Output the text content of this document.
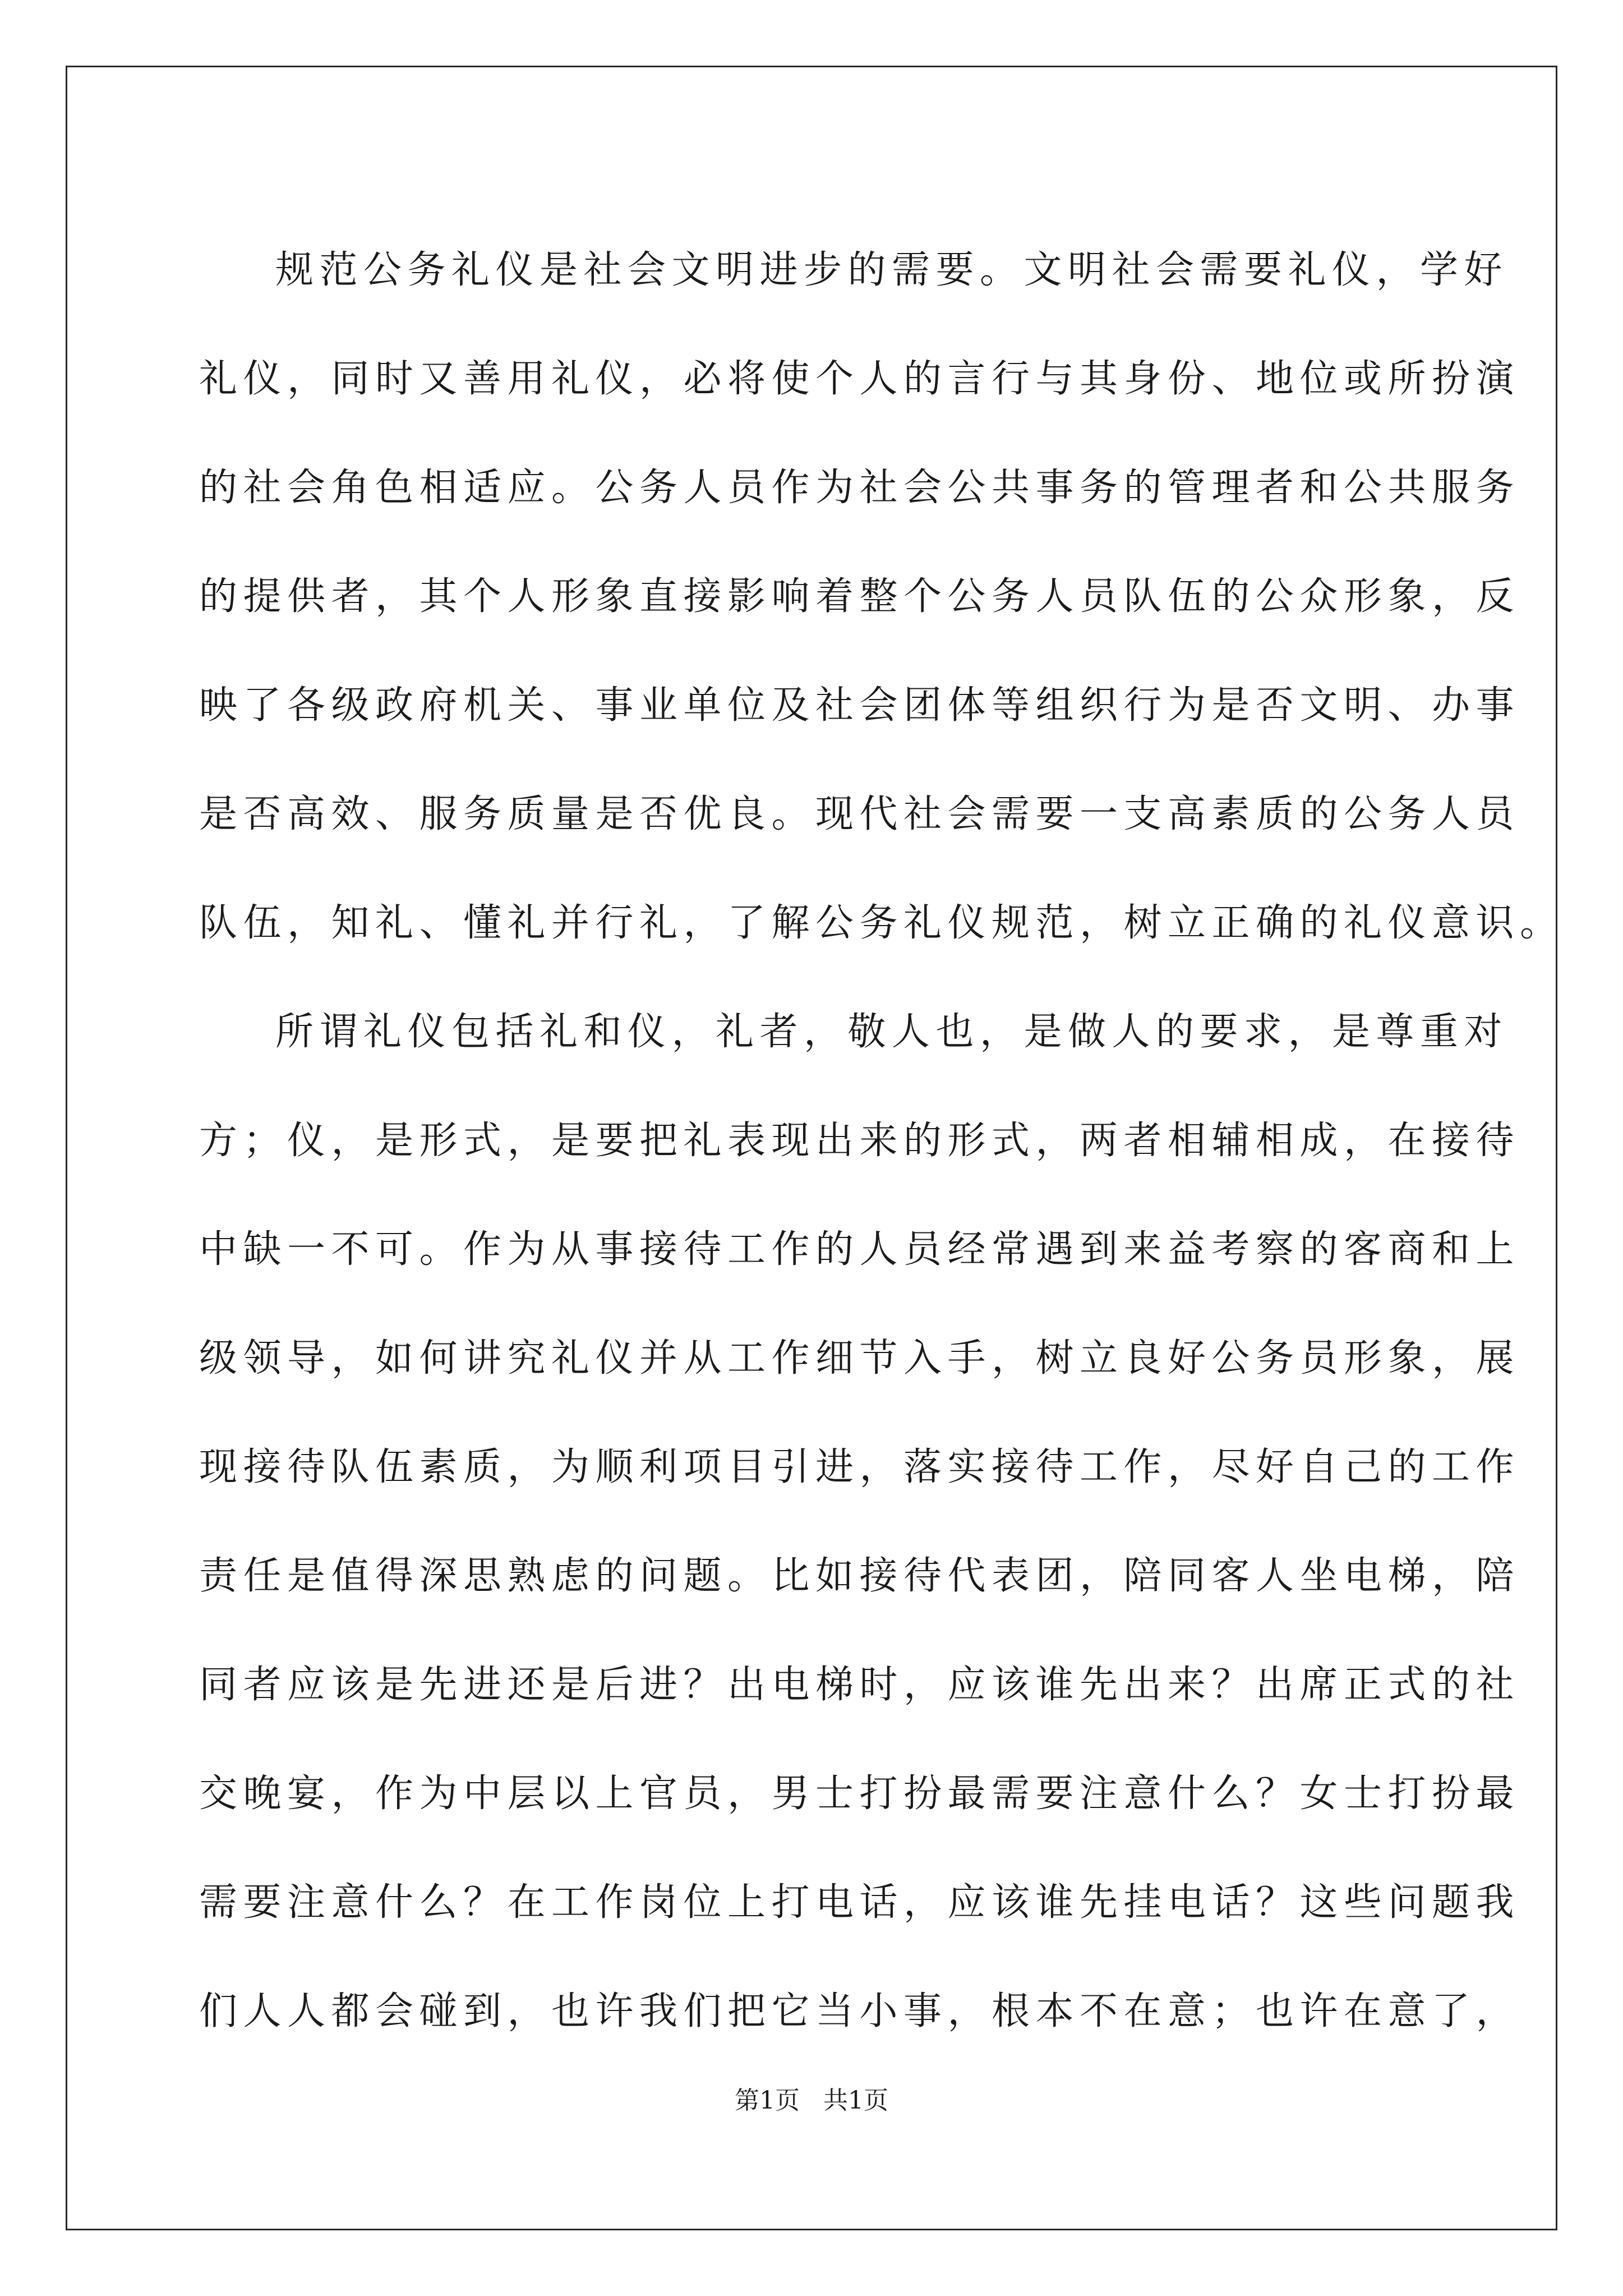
规范公务礼仪是社会文明进步的需要。文明社会需要礼仪，学好
礼仪，同时又善用礼仪，必将使个人的言行与其身份、地位或所扮演
的社会角色相适应。公务人员作为社会公共事务的管理者和公共服务
的提供者，其个人形象直接影响着整个公务人员队伍的公众形象，反
映了各级政府机关、事业单位及社会团体等组织行为是否文明、办事
是否高效、服务质量是否优良。现代社会需要一支高素质的公务人员
队伍，知礼、懂礼并行礼，了解公务礼仪规范，树立正确的礼仪意识。
所谓礼仪包括礼和仪，礼者，敬人也，是做人的要求，是尊重对
方；仪，是形式，是要把礼表现出来的形式，两者相辅相成，在接待
中缺一不可。作为从事接待工作的人员经常遇到来益考察的客商和上
级领导，如何讲究礼仪并从工作细节入手，树立良好公务员形象，展
现接待队伍素质，为顺利项目引进，落实接待工作，尽好自己的工作
责任是值得深思熟虑的问题。比如接待代表团，陪同客人坐电梯，陪
同者应该是先进还是后进？出电梯时，应该谁先出来？出席正式的社
交晚宴，作为中层以上官员，男士打扮最需要注意什么？女士打扮最
需要注意什么？在工作岗位上打电话，应该谁先挂电话？这些问题我
们人人都会碰到，也许我们把它当小事，根本不在意；也许在意了，
第1页   共1页
